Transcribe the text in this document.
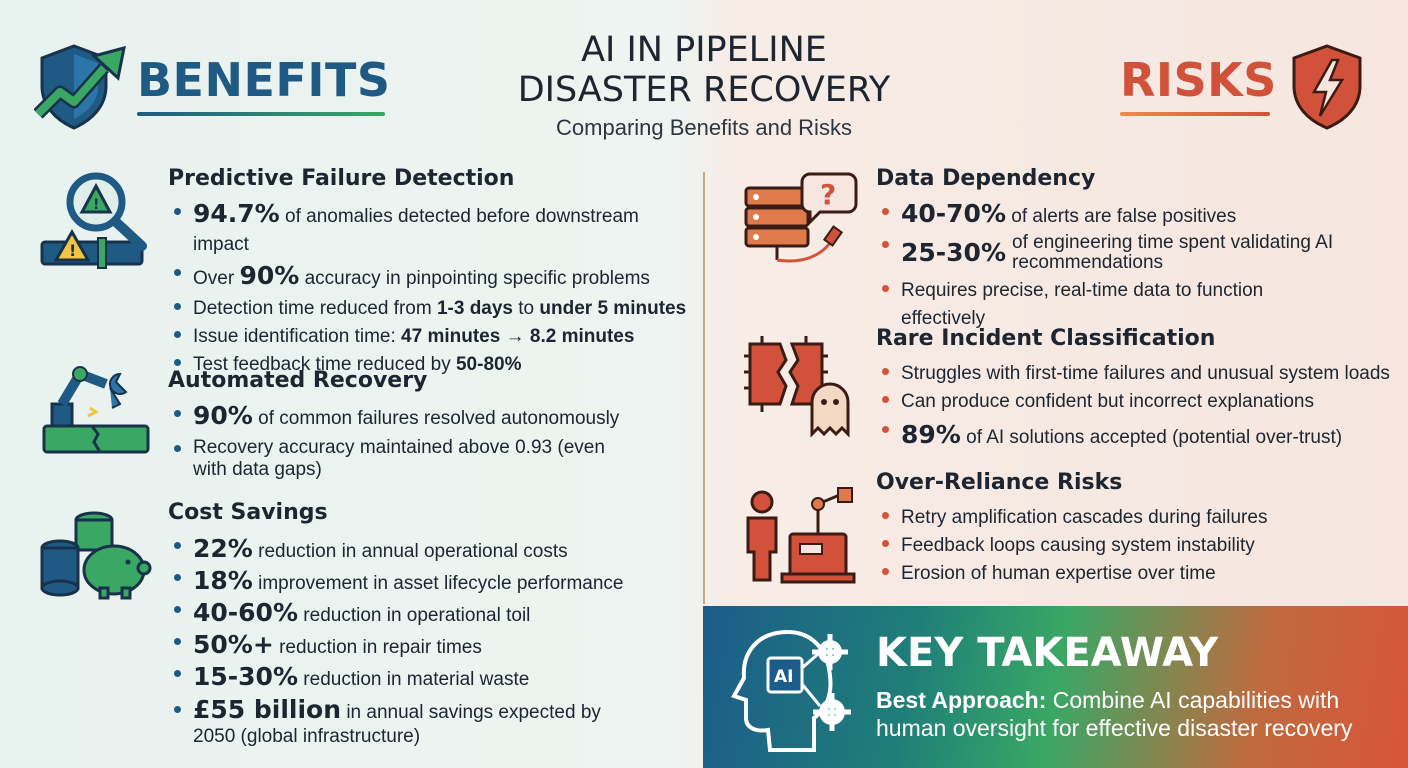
BENEFITS
AI IN PIPELINE
DISASTER RECOVERY
Comparing Benefits and Risks
RISKS
!
!
Predictive Failure Detection
94.7% of anomalies detected before downstream impact
Over 90% accuracy in pinpointing specific problems
Detection time reduced from 1-3 days to under 5 minutes
Issue identification time: 47 minutes → 8.2 minutes
Test feedback time reduced by 50-80%
Automated Recovery
90% of common failures resolved autonomously
Recovery accuracy maintained above 0.93 (even with data gaps)
Cost Savings
22% reduction in annual operational costs
18% improvement in asset lifecycle performance
40-60% reduction in operational toil
50%+ reduction in repair times
15-30% reduction in material waste
£55 billion in annual savings expected by 2050 (global infrastructure)
? Data Dependency
40-70% of alerts are false positives
25-30% of engineering time spent validating AI recommendations
Requires precise, real-time data to function effectively
Rare Incident Classification
Struggles with first-time failures and unusual system loads
Can produce confident but incorrect explanations
89% of AI solutions accepted (potential over-trust)
Over-Reliance Risks
Retry amplification cascades during failures
Feedback loops causing system instability
Erosion of human expertise over time
AI
KEY TAKEAWAY
Best Approach: Combine AI capabilities with human oversight for effective disaster recovery
